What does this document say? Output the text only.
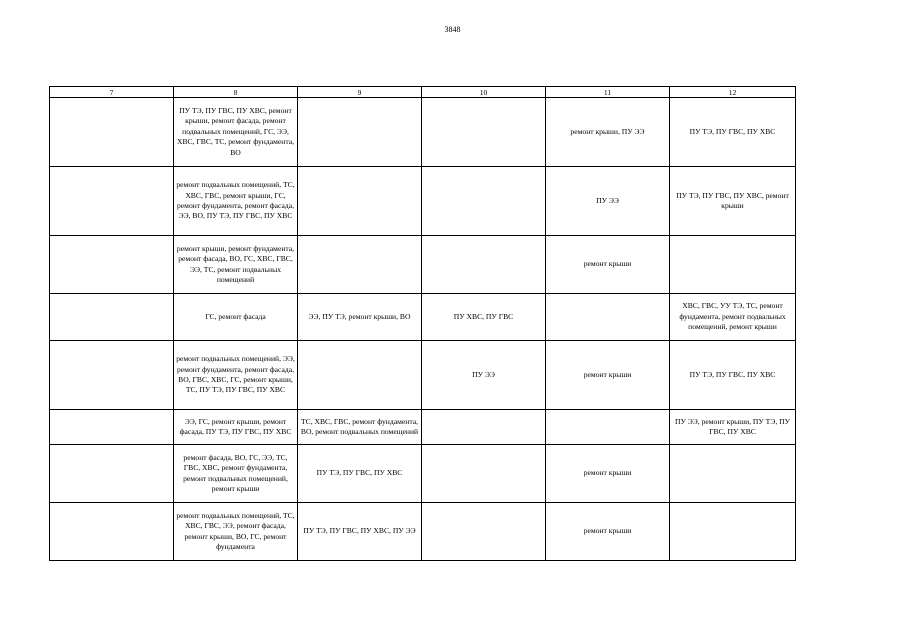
3848
7	8	9	10	11	12
	ПУ ТЭ, ПУ ГВС, ПУ ХВС, ремонт крыши, ремонт фасада, ремонт подвальных помещений, ГС, ЭЭ, ХВС, ГВС, ТС, ремонт фундамента, ВО			ремонт крыши, ПУ ЭЭ	ПУ ТЭ, ПУ ГВС, ПУ ХВС
	ремонт подвальных помещений, ТС, ХВС, ГВС, ремонт крыши, ГС, ремонт фундамента, ремонт фасада, ЭЭ, ВО, ПУ ТЭ, ПУ ГВС, ПУ ХВС			ПУ ЭЭ	ПУ ТЭ, ПУ ГВС, ПУ ХВС, ремонт крыши
	ремонт крыши, ремонт фундамента, ремонт фасада, ВО, ГС, ХВС, ГВС, ЭЭ, ТС, ремонт подвальных помещений			ремонт крыши	
	ГС, ремонт фасада	ЭЭ, ПУ ТЭ, ремонт крыши, ВО	ПУ ХВС, ПУ ГВС		ХВС, ГВС, УУ ТЭ, ТС, ремонт фундамента, ремонт подвальных помещений, ремонт крыши
	ремонт подвальных помещений, ЭЭ, ремонт фундамента, ремонт фасада, ВО, ГВС, ХВС, ГС, ремонт крыши, ТС, ПУ ТЭ, ПУ ГВС, ПУ ХВС		ПУ ЭЭ	ремонт крыши	ПУ ТЭ, ПУ ГВС, ПУ ХВС
	ЭЭ, ГС, ремонт крыши, ремонт фасада, ПУ ТЭ, ПУ ГВС, ПУ ХВС	ТС, ХВС, ГВС, ремонт фундамента, ВО, ремонт подвальных помещений			ПУ ЭЭ, ремонт крыши, ПУ ТЭ, ПУ ГВС, ПУ ХВС
	ремонт фасада, ВО, ГС, ЭЭ, ТС, ГВС, ХВС, ремонт фундамента, ремонт подвальных помещений, ремонт крыши	ПУ ТЭ, ПУ ГВС, ПУ ХВС		ремонт крыши	
	ремонт подвальных помещений, ТС, ХВС, ГВС, ЭЭ, ремонт фасада, ремонт крыши, ВО, ГС, ремонт фундамента	ПУ ТЭ, ПУ ГВС, ПУ ХВС, ПУ ЭЭ		ремонт крыши	
